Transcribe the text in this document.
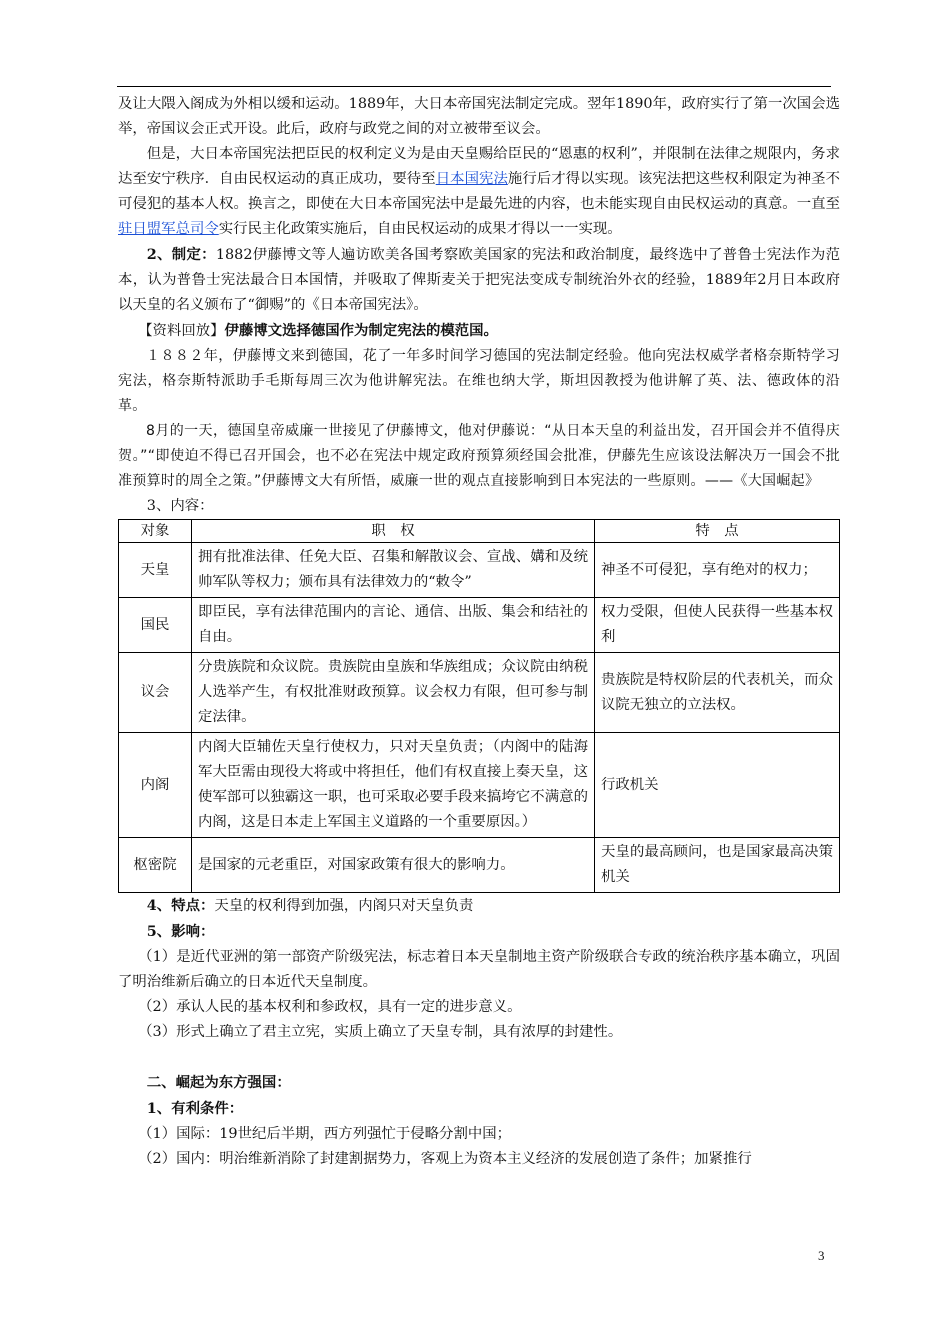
及让大隈入阁成为外相以缓和运动。1889年，大日本帝国宪法制定完成。翌年1890年，政府实行了第一次国会选举，帝国议会正式开设。此后，政府与政党之间的对立被带至议会。

但是，大日本帝国宪法把臣民的权利定义为是由天皇赐给臣民的“恩惠的权利”，并限制在法律之规限内，务求达至安宁秩序．自由民权运动的真正成功，要待至日本国宪法施行后才得以实现。该宪法把这些权利限定为神圣不可侵犯的基本人权。换言之，即使在大日本帝国宪法中是最先进的内容，也未能实现自由民权运动的真意。一直至驻日盟军总司令实行民主化政策实施后，自由民权运动的成果才得以一一实现。

2、制定：1882伊藤博文等人遍访欧美各国考察欧美国家的宪法和政治制度，最终选中了普鲁士宪法作为范本，认为普鲁士宪法最合日本国情，并吸取了俾斯麦关于把宪法变成专制统治外衣的经验，1889年2月日本政府以天皇的名义颁布了“御赐”的《日本帝国宪法》。

【资料回放】伊藤博文选择德国作为制定宪法的模范国。

１８８２年，伊藤博文来到德国，花了一年多时间学习德国的宪法制定经验。他向宪法权威学者格奈斯特学习宪法，格奈斯特派助手毛斯每周三次为他讲解宪法。在维也纳大学，斯坦因教授为他讲解了英、法、德政体的沿革。

8月的一天，德国皇帝威廉一世接见了伊藤博文，他对伊藤说：“从日本天皇的利益出发，召开国会并不值得庆贺。”“即使迫不得已召开国会，也不必在宪法中规定政府预算须经国会批准，伊藤先生应该设法解决万一国会不批准预算时的周全之策。”伊藤博文大有所悟，威廉一世的观点直接影响到日本宪法的一些原则。——《大国崛起》

3、内容：

对象	职　权	特　点
天皇	拥有批准法律、任免大臣、召集和解散议会、宣战、媾和及统帅军队等权力；颁布具有法律效力的“敕令”	神圣不可侵犯，享有绝对的权力；
国民	即臣民，享有法律范围内的言论、通信、出版、集会和结社的自由。	权力受限，但使人民获得一些基本权利
议会	分贵族院和众议院。贵族院由皇族和华族组成；众议院由纳税人选举产生，有权批准财政预算。议会权力有限，但可参与制定法律。	贵族院是特权阶层的代表机关，而众议院无独立的立法权。
内阁	内阁大臣辅佐天皇行使权力，只对天皇负责；（内阁中的陆海军大臣需由现役大将或中将担任，他们有权直接上奏天皇，这使军部可以独霸这一职，也可采取必要手段来搞垮它不满意的内阁，这是日本走上军国主义道路的一个重要原因。）	行政机关
枢密院	是国家的元老重臣，对国家政策有很大的影响力。	天皇的最高顾问，也是国家最高决策机关

4、特点：天皇的权利得到加强，内阁只对天皇负责

5、影响：

（1）是近代亚洲的第一部资产阶级宪法，标志着日本天皇制地主资产阶级联合专政的统治秩序基本确立，巩固了明治维新后确立的日本近代天皇制度。

（2）承认人民的基本权利和参政权，具有一定的进步意义。

（3）形式上确立了君主立宪，实质上确立了天皇专制，具有浓厚的封建性。

二、崛起为东方强国：

1、有利条件：

（1）国际：19世纪后半期，西方列强忙于侵略分割中国；

（2）国内：明治维新消除了封建割据势力，客观上为资本主义经济的发展创造了条件；加紧推行

3
